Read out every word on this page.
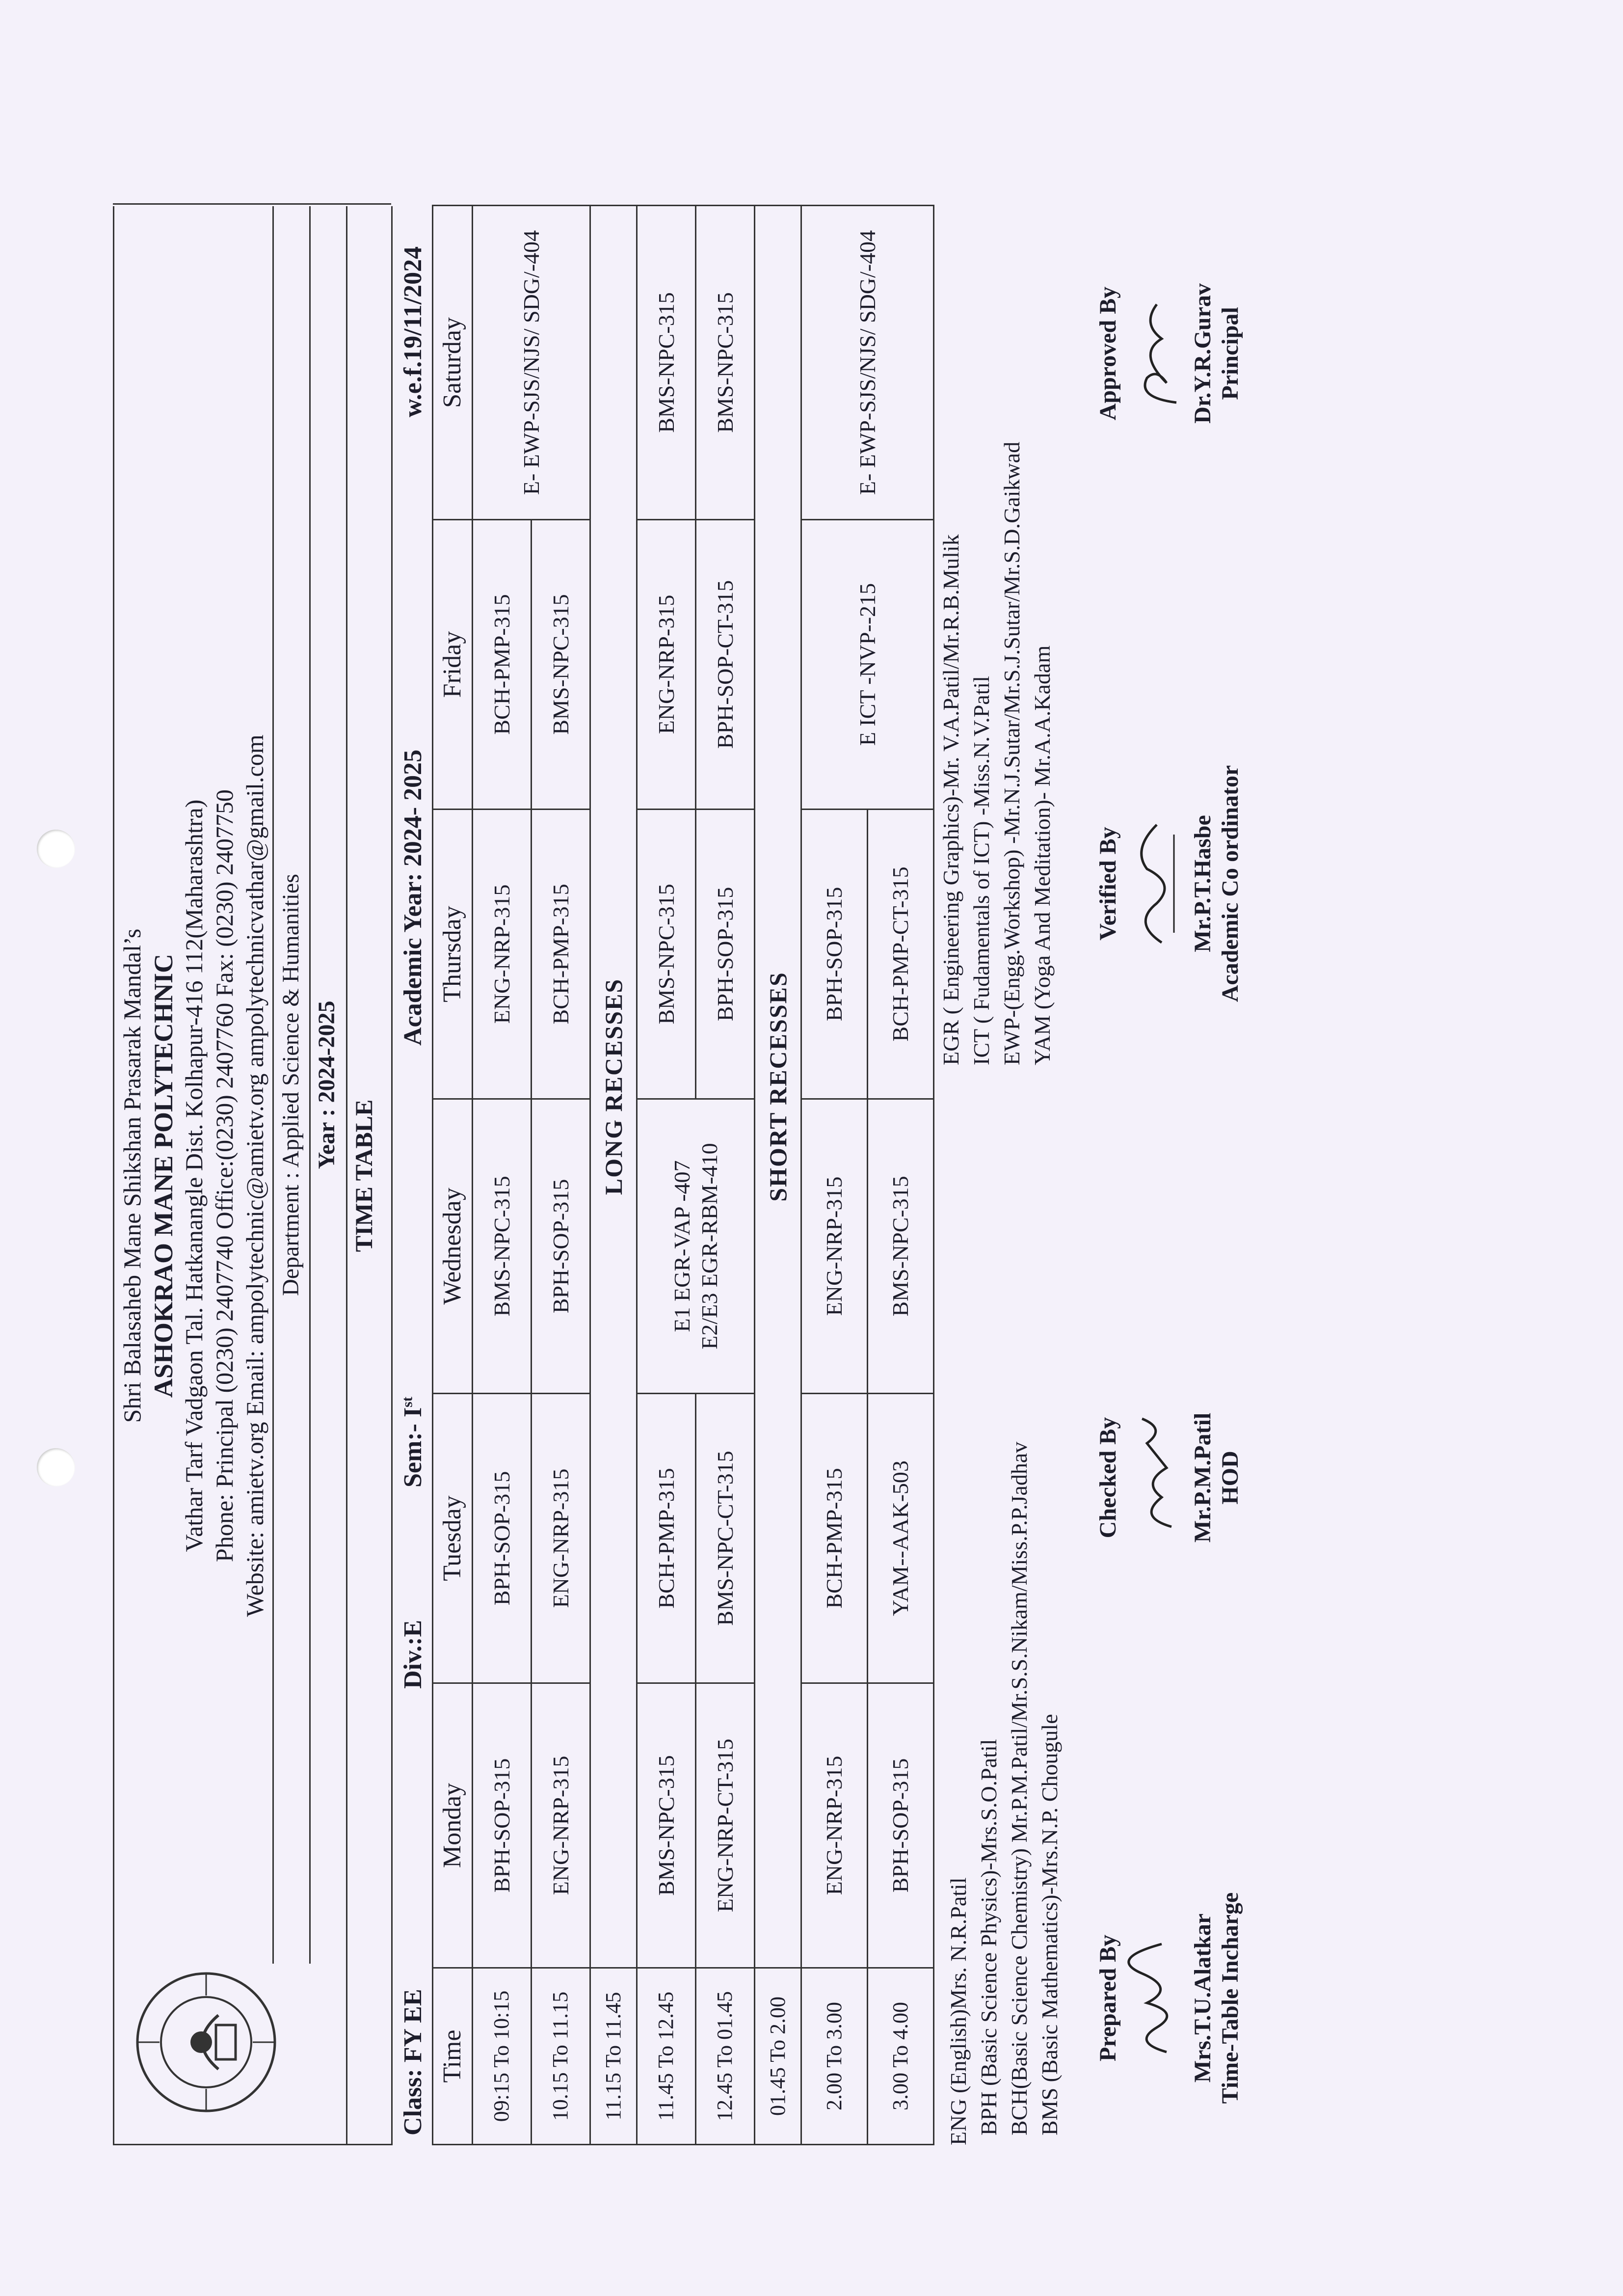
Shri Balasaheb Mane Shikshan Prasarak Mandal’s ASHOKRAO MANE POLYTECHNIC Vathar Tarf Vadgaon Tal. Hatkanangle Dist. Kolhapur-416 112(Maharashtra) Phone: Principal (0230) 2407740 Office:(0230) 2407760 Fax: (0230) 2407750 Website: amietv.org Email: ampolytechnic@amietv.org ampolytechnicvathar@gmail.com Department : Applied Science & Humanities Year : 2024-2025
TIME TABLE
Class: FY EE
Div.:E
Sem:- Ist
Academic Year: 2024- 2025
w.e.f.19/11/2024
Time	Monday	Tuesday	Wednesday	Thursday	Friday	Saturday
09:15 To 10:15	BPH-SOP-315	BPH-SOP-315	BMS-NPC-315	ENG-NRP-315	BCH-PMP-315	E- EWP-SJS/NJS/ SDG/-404
10.15 To 11.15	ENG-NRP-315	ENG-NRP-315	BPH-SOP-315	BCH-PMP-315	BMS-NPC-315	
11.15 To 11.45	LONG RECESSES					
11.45 To 12.45	BMS-NPC-315	BCH-PMP-315	E1 EGR-VAP -407 E2/E3 EGR-RBM-410	BMS-NPC-315	ENG-NRP-315	BMS-NPC-315
12.45 To 01.45	ENG-NRP-CT-315	BMS-NPC-CT-315		BPH-SOP-315	BPH-SOP-CT-315	BMS-NPC-315
01.45 To 2.00	SHORT RECESSES					
2.00 To 3.00	ENG-NRP-315	BCH-PMP-315	ENG-NRP-315	BPH-SOP-315	E ICT -NVP--215	E- EWP-SJS/NJS/ SDG/-404
3.00 To 4.00	BPH-SOP-315	YAM--AAK-503	BMS-NPC-315	BCH-PMP-CT-315		
ENG (English)Mrs. N.R.Patil BPH (Basic Science Physics)-Mrs.S.O.Patil BCH(Basic Science Chemistry) Mr.P.M.Patil/Mr.S.S.Nikam/Miss.P.P.Jadhav BMS (Basic Mathematics)-Mrs.N.P. Chougule
EGR ( Engineering Graphics)-Mr. V.A.Patil/Mr.R.B.Mulik ICT ( Fudamentals of ICT) -Miss.N.V.Patil EWP-(Engg.Workshop) -Mr.N.J.Sutar/Mr.S.J.Sutar/Mr.S.D.Gaikwad YAM (Yoga And Meditation)- Mr.A.A.Kadam
Prepared By	Mrs.T.U.Alatkar Time-Table Incharge
Checked By	Mr.P.M.Patil HOD
Verified By	Mr.P.T.Hasbe Academic Co ordinator
Approved By	Dr.Y.R.Gurav Principal
